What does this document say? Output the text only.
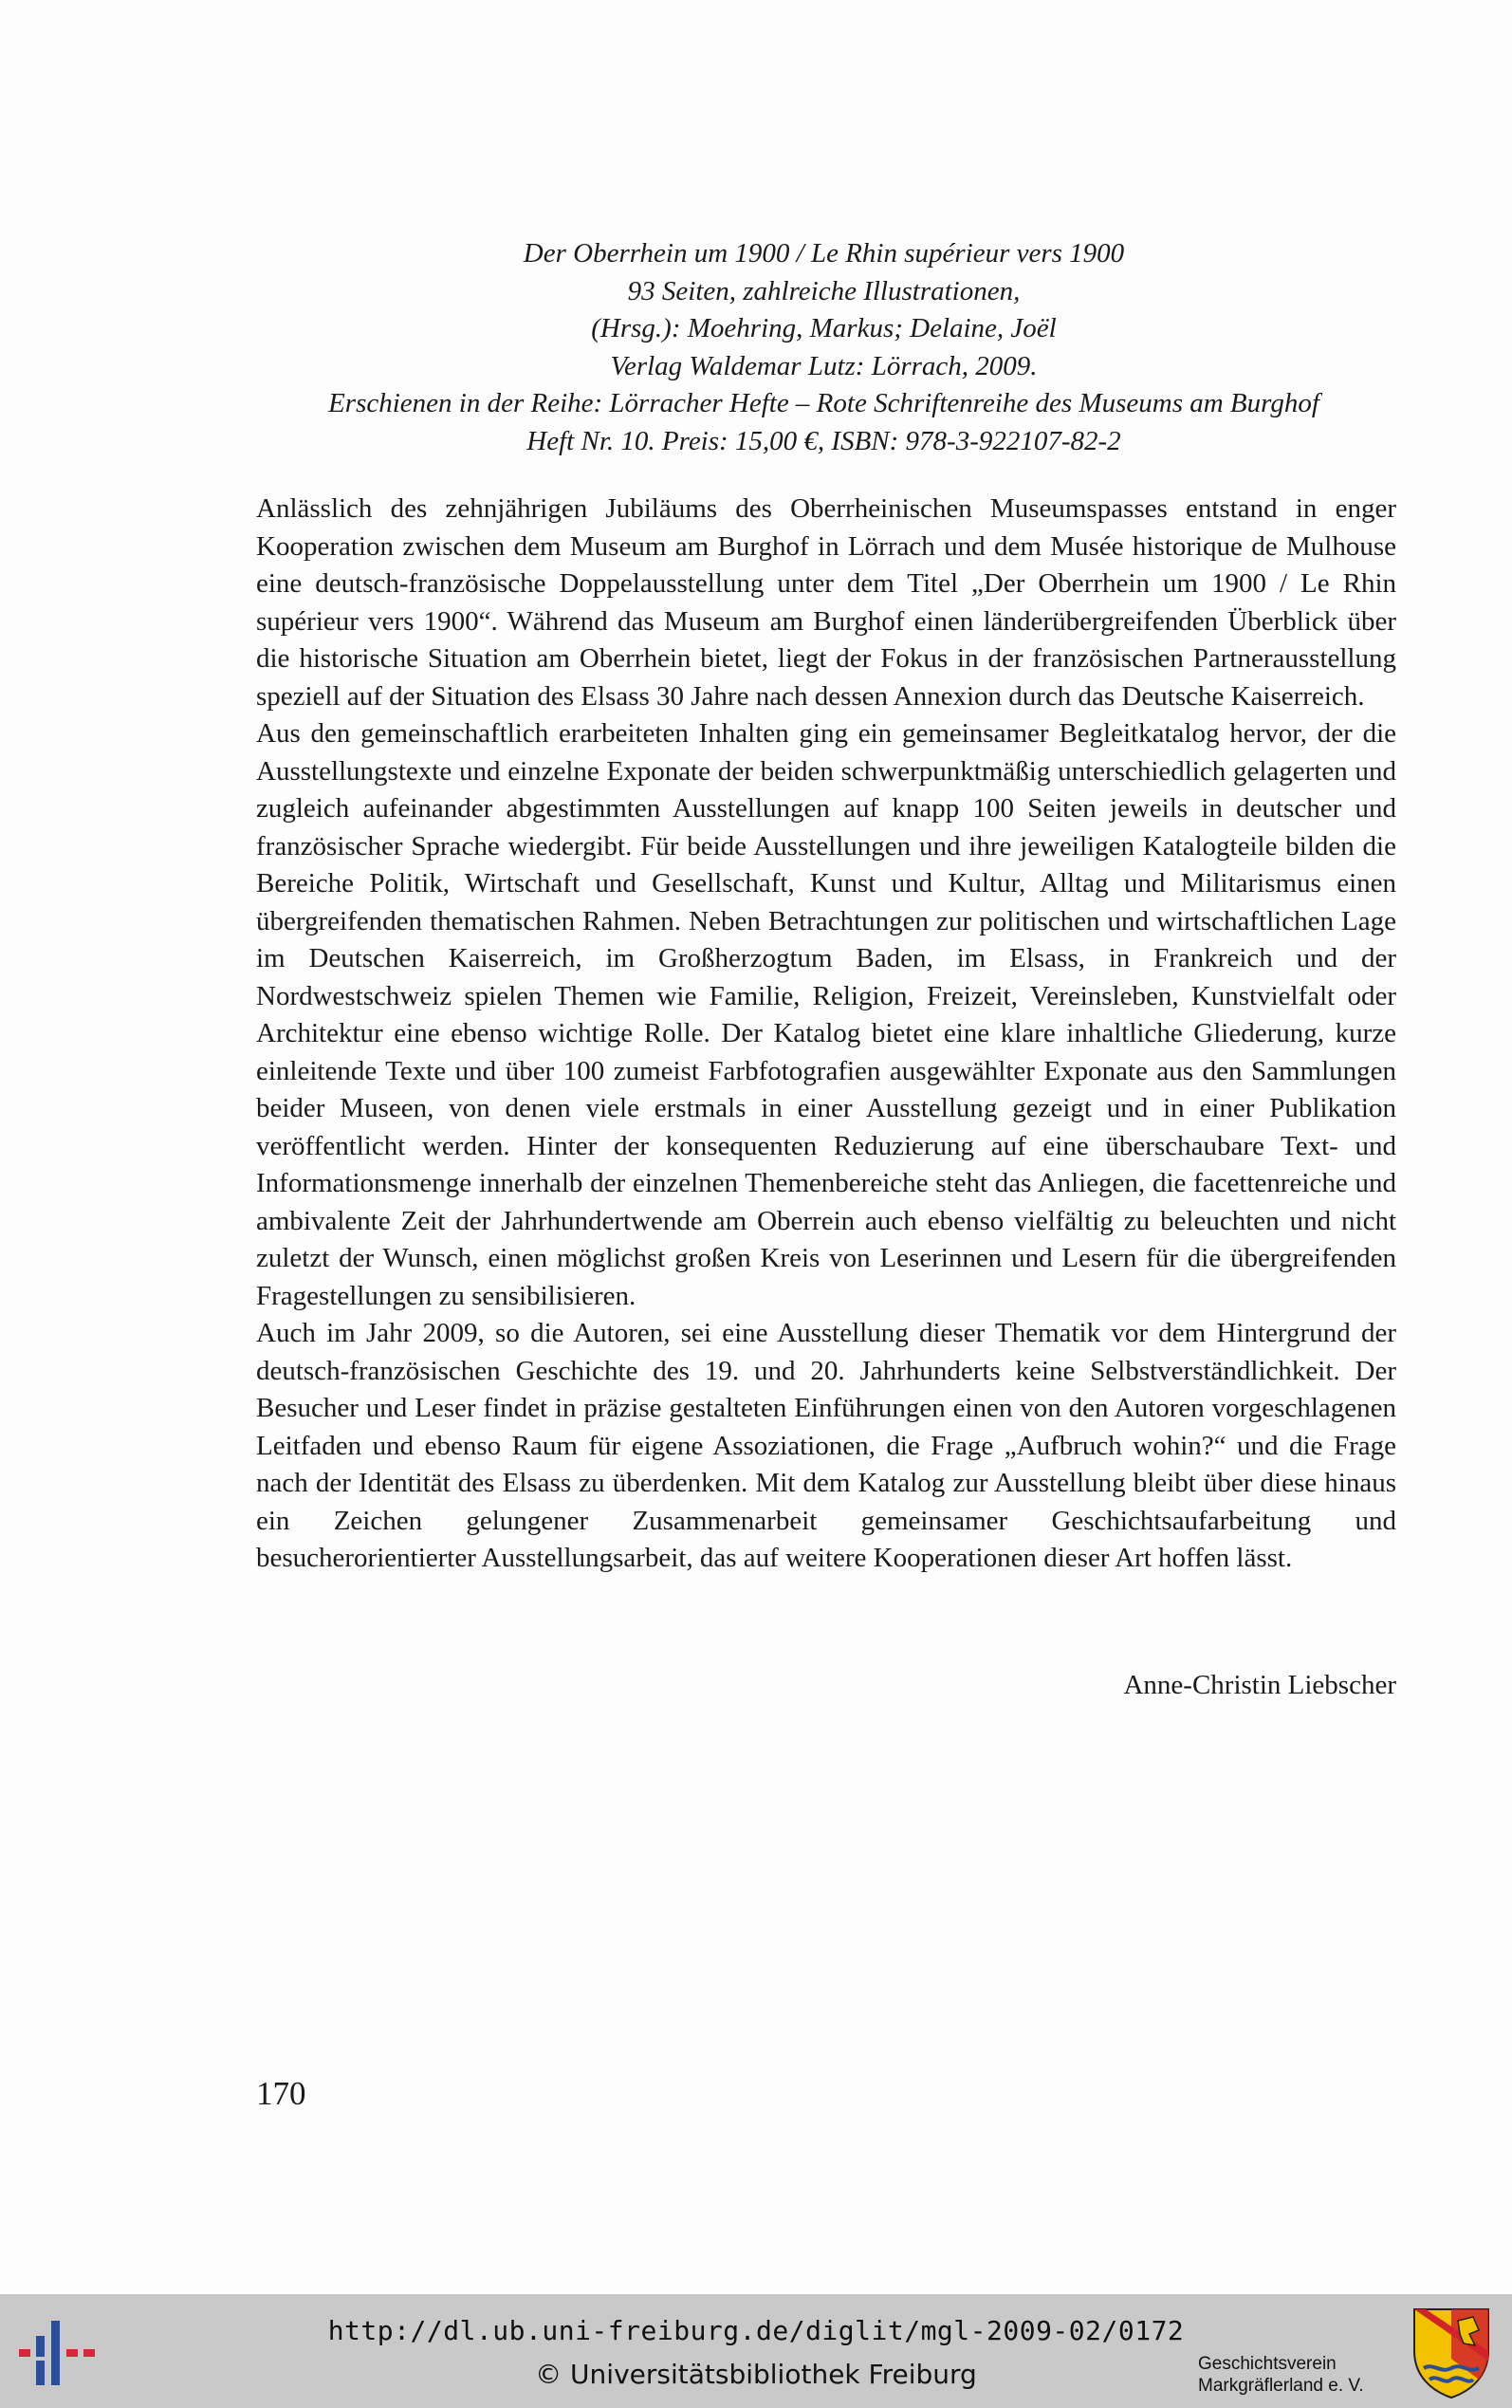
Der Oberrhein um 1900 / Le Rhin supérieur vers 1900
93 Seiten, zahlreiche Illustrationen,
(Hrsg.): Moehring, Markus; Delaine, Joël
Verlag Waldemar Lutz: Lörrach, 2009.
Erschienen in der Reihe: Lörracher Hefte – Rote Schriftenreihe des Museums am Burghof
Heft Nr. 10. Preis: 15,00 €, ISBN: 978-3-922107-82-2

Anlässlich des zehnjährigen Jubiläums des Oberrheinischen Museumspasses entstand in enger Kooperation zwischen dem Museum am Burghof in Lörrach und dem Musée historique de Mulhouse eine deutsch-französische Doppelausstellung unter dem Titel „Der Oberrhein um 1900 / Le Rhin supérieur vers 1900“. Während das Museum am Burghof einen länderübergreifenden Überblick über die historische Situation am Oberrhein bietet, liegt der Fokus in der französischen Partnerausstellung speziell auf der Situation des Elsass 30 Jahre nach dessen Annexion durch das Deutsche Kaiserreich.

Aus den gemeinschaftlich erarbeiteten Inhalten ging ein gemeinsamer Begleitkatalog hervor, der die Ausstellungstexte und einzelne Exponate der beiden schwerpunktmäßig unterschiedlich gelagerten und zugleich aufeinander abgestimmten Ausstellungen auf knapp 100 Seiten jeweils in deutscher und französischer Sprache wiedergibt. Für beide Ausstellungen und ihre jeweiligen Katalogteile bilden die Bereiche Politik, Wirtschaft und Gesellschaft, Kunst und Kultur, Alltag und Militarismus einen übergreifenden thematischen Rahmen. Neben Betrachtungen zur politischen und wirtschaftlichen Lage im Deutschen Kaiserreich, im Großherzogtum Baden, im Elsass, in Frankreich und der Nordwestschweiz spielen Themen wie Familie, Religion, Freizeit, Vereinsleben, Kunstvielfalt oder Architektur eine ebenso wichtige Rolle. Der Katalog bietet eine klare inhaltliche Gliederung, kurze einleitende Texte und über 100 zumeist Farbfotografien ausgewählter Exponate aus den Sammlungen beider Museen, von denen viele erstmals in einer Ausstellung gezeigt und in einer Publikation veröffentlicht werden. Hinter der konsequenten Reduzierung auf eine überschaubare Text- und Informationsmenge innerhalb der einzelnen Themenbereiche steht das Anliegen, die facettenreiche und ambivalente Zeit der Jahrhundertwende am Oberrein auch ebenso vielfältig zu beleuchten und nicht zuletzt der Wunsch, einen möglichst großen Kreis von Leserinnen und Lesern für die übergreifenden Fragestellungen zu sensibilisieren.

Auch im Jahr 2009, so die Autoren, sei eine Ausstellung dieser Thematik vor dem Hintergrund der deutsch-französischen Geschichte des 19. und 20. Jahrhunderts keine Selbstverständlichkeit. Der Besucher und Leser findet in präzise gestalteten Einführungen einen von den Autoren vorgeschlagenen Leitfaden und ebenso Raum für eigene Assoziationen, die Frage „Aufbruch wohin?“ und die Frage nach der Identität des Elsass zu überdenken. Mit dem Katalog zur Ausstellung bleibt über diese hinaus ein Zeichen gelungener Zusammenarbeit gemeinsamer Geschichtsaufarbeitung und besucherorientierter Ausstellungsarbeit, das auf weitere Kooperationen dieser Art hoffen lässt.

Anne-Christin Liebscher
170
http://dl.ub.uni-freiburg.de/diglit/mgl-2009-02/0172
© Universitätsbibliothek Freiburg	Geschichtsverein
Markgräflerland e. V.
